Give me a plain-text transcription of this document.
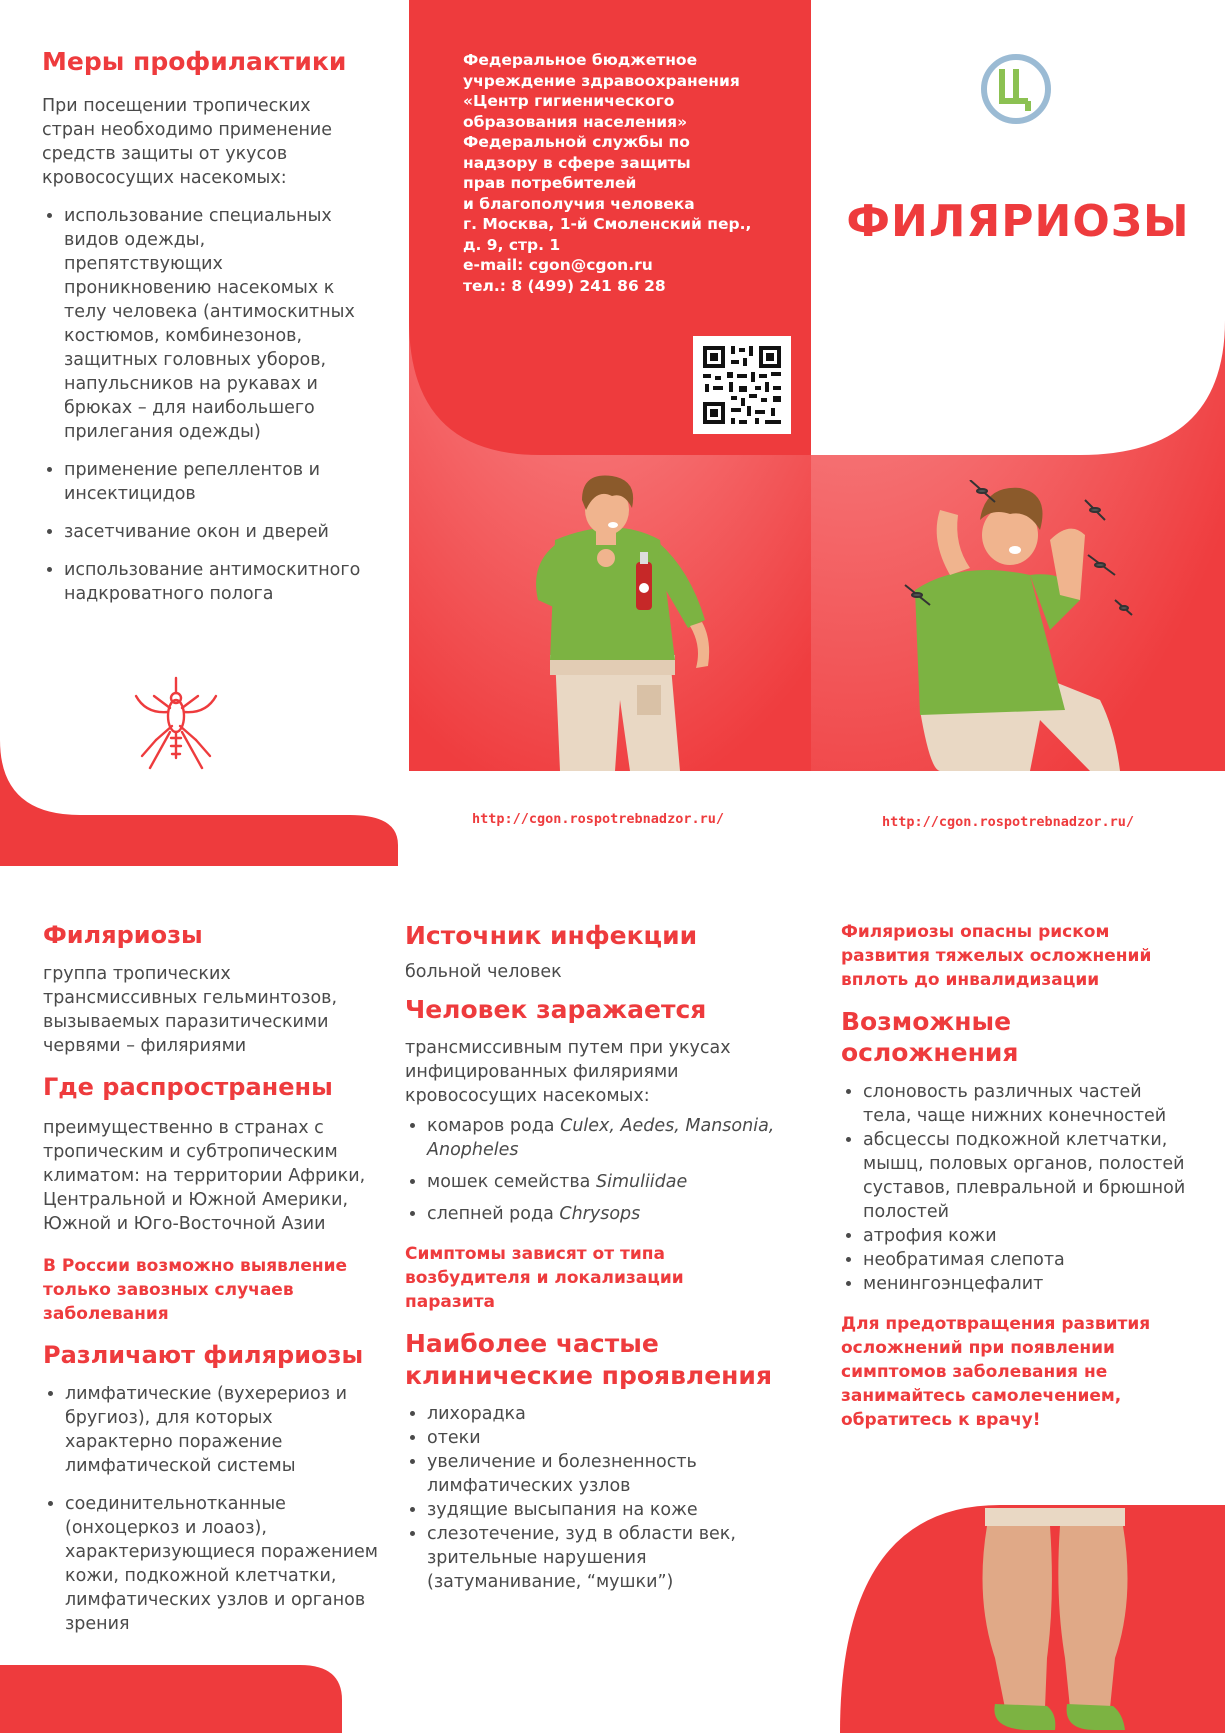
Меры профилактики

При посещении тропических стран необходимо применение средств защиты от укусов кровососущих насекомых:

• использование специальных видов одежды, препятствующих проникновению насекомых к телу человека (антимоскитных костюмов, комбинезонов, защитных головных уборов, напульсников на рукавах и брюках – для наибольшего прилегания одежды)
• применение репеллентов и инсектицидов
• засетчивание окон и дверей
• использование антимоскитного надкроватного полога
Федеральное бюджетное
учреждение здравоохранения
«Центр гигиенического
образования населения»
Федеральной службы по
надзору в сфере защиты
прав потребителей
и благополучия человека
г. Москва, 1-й Смоленский пер.,
д. 9, стр. 1
e-mail: cgon@cgon.ru
тел.: 8 (499) 241 86 28
ФИЛЯРИОЗЫ
http://cgon.rospotrebnadzor.ru/	http://cgon.rospotrebnadzor.ru/
Филяриозы

группа тропических трансмиссивных гельминтозов, вызываемых паразитическими червями – филяриями

Где распространены

преимущественно в странах с тропическим и субтропическим климатом: на территории Африки, Центральной и Южной Америки, Южной и Юго-Восточной Азии

В России возможно выявление только завозных случаев заболевания

Различают филяриозы
• лимфатические (вухерериоз и бругиоз), для которых характерно поражение лимфатической системы
• соединительнотканные (онхоцеркоз и лоаоз), характеризующиеся поражением кожи, подкожной клетчатки, лимфатических узлов и органов зрения
Источник инфекции

больной человек

Человек заражается

трансмиссивным путем при укусах инфицированных филяриями кровососущих насекомых:

• комаров рода Culex, Aedes, Mansonia, Anopheles
• мошек семейства Simuliidae
• слепней рода Chrysops

Симптомы зависят от типа возбудителя и локализации паразита

Наиболее частые клинические проявления
• лихорадка
• отеки
• увеличение и болезненность лимфатических узлов
• зудящие высыпания на коже
• слезотечение, зуд в области век, зрительные нарушения (затуманивание, “мушки”)

Филяриозы опасны риском развития тяжелых осложнений вплоть до инвалидизации

Возможные осложнения
• слоновость различных частей тела, чаще нижних конечностей
• абсцессы подкожной клетчатки, мышц, половых органов, полостей суставов, плевральной и брюшной полостей
• атрофия кожи
• необратимая слепота
• менингоэнцефалит

Для предотвращения развития осложнений при появлении симптомов заболевания не занимайтесь самолечением, обратитесь к врачу!
